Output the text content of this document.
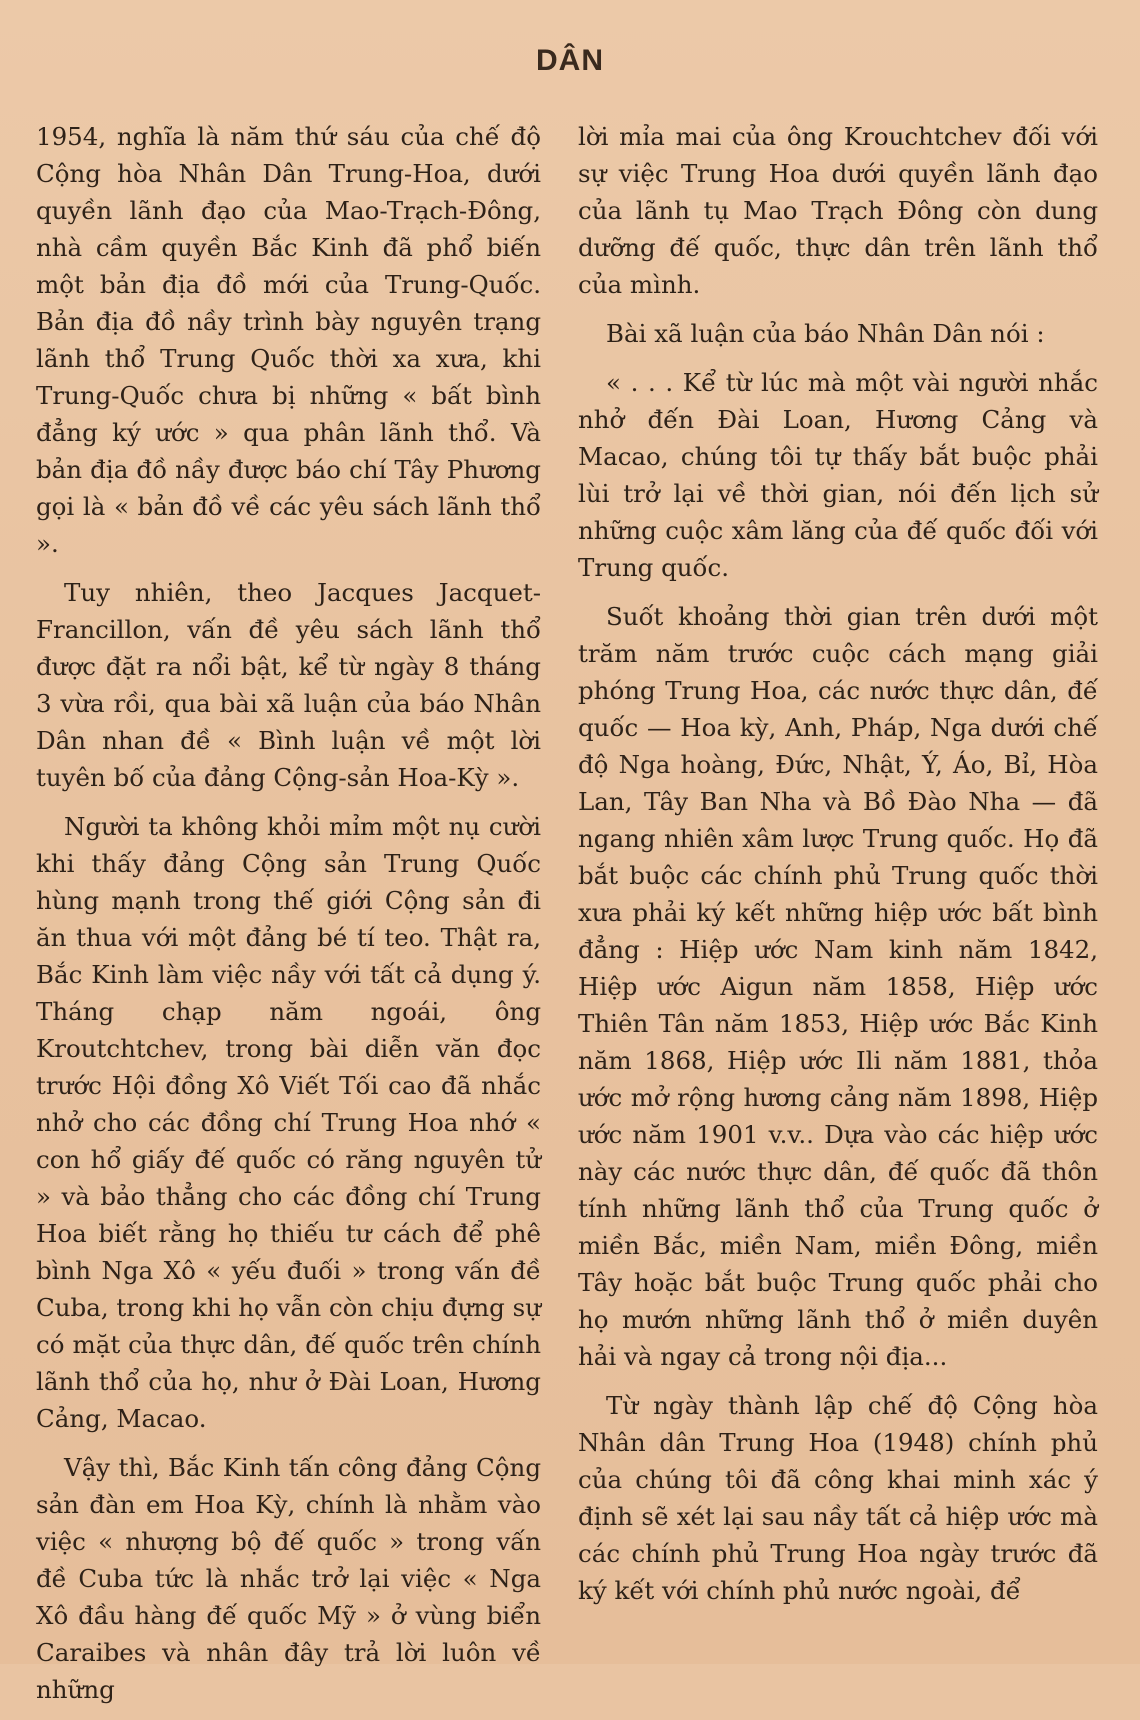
DÂN

1954, nghĩa là năm thứ sáu của chế độ Cộng hòa Nhân Dân Trung-Hoa, dưới quyền lãnh đạo của Mao-Trạch-Đông, nhà cầm quyền Bắc Kinh đã phổ biến một bản địa đồ mới của Trung-Quốc. Bản địa đồ nầy trình bày nguyên trạng lãnh thổ Trung Quốc thời xa xưa, khi Trung-Quốc chưa bị những « bất bình đẳng ký ước » qua phân lãnh thổ. Và bản địa đồ nầy được báo chí Tây Phương gọi là « bản đồ về các yêu sách lãnh thổ ».

Tuy nhiên, theo Jacques Jacquet-Francillon, vấn đề yêu sách lãnh thổ được đặt ra nổi bật, kể từ ngày 8 tháng 3 vừa rồi, qua bài xã luận của báo Nhân Dân nhan đề « Bình luận về một lời tuyên bố của đảng Cộng-sản Hoa-Kỳ ».

Người ta không khỏi mỉm một nụ cười khi thấy đảng Cộng sản Trung Quốc hùng mạnh trong thế giới Cộng sản đi ăn thua với một đảng bé tí teo. Thật ra, Bắc Kinh làm việc nầy với tất cả dụng ý. Tháng chạp năm ngoái, ông Kroutchtchev, trong bài diễn văn đọc trước Hội đồng Xô Viết Tối cao đã nhắc nhở cho các đồng chí Trung Hoa nhớ « con hổ giấy đế quốc có răng nguyên tử » và bảo thẳng cho các đồng chí Trung Hoa biết rằng họ thiếu tư cách để phê bình Nga Xô « yếu đuối » trong vấn đề Cuba, trong khi họ vẫn còn chịu đựng sự có mặt của thực dân, đế quốc trên chính lãnh thổ của họ, như ở Đài Loan, Hương Cảng, Macao.

Vậy thì, Bắc Kinh tấn công đảng Cộng sản đàn em Hoa Kỳ, chính là nhằm vào việc « nhượng bộ đế quốc » trong vấn đề Cuba tức là nhắc trở lại việc « Nga Xô đầu hàng đế quốc Mỹ » ở vùng biển Caraibes và nhân đây trả lời luôn về những

lời mỉa mai của ông Krouchtchev đối với sự việc Trung Hoa dưới quyền lãnh đạo của lãnh tụ Mao Trạch Đông còn dung dưỡng đế quốc, thực dân trên lãnh thổ của mình.

Bài xã luận của báo Nhân Dân nói :

« . . . Kể từ lúc mà một vài người nhắc nhở đến Đài Loan, Hương Cảng và Macao, chúng tôi tự thấy bắt buộc phải lùi trở lại về thời gian, nói đến lịch sử những cuộc xâm lăng của đế quốc đối với Trung quốc.

Suốt khoảng thời gian trên dưới một trăm năm trước cuộc cách mạng giải phóng Trung Hoa, các nước thực dân, đế quốc — Hoa kỳ, Anh, Pháp, Nga dưới chế độ Nga hoàng, Đức, Nhật, Ý, Áo, Bỉ, Hòa Lan, Tây Ban Nha và Bồ Đào Nha — đã ngang nhiên xâm lược Trung quốc. Họ đã bắt buộc các chính phủ Trung quốc thời xưa phải ký kết những hiệp ước bất bình đẳng : Hiệp ước Nam kinh năm 1842, Hiệp ước Aigun năm 1858, Hiệp ước Thiên Tân năm 1853, Hiệp ước Bắc Kinh năm 1868, Hiệp ước Ili năm 1881, thỏa ước mở rộng hương cảng năm 1898, Hiệp ước năm 1901 v.v.. Dựa vào các hiệp ước này các nước thực dân, đế quốc đã thôn tính những lãnh thổ của Trung quốc ở miền Bắc, miền Nam, miền Đông, miền Tây hoặc bắt buộc Trung quốc phải cho họ mướn những lãnh thổ ở miền duyên hải và ngay cả trong nội địa...

Từ ngày thành lập chế độ Cộng hòa Nhân dân Trung Hoa (1948) chính phủ của chúng tôi đã công khai minh xác ý định sẽ xét lại sau nầy tất cả hiệp ước mà các chính phủ Trung Hoa ngày trước đã ký kết với chính phủ nước ngoài, để
